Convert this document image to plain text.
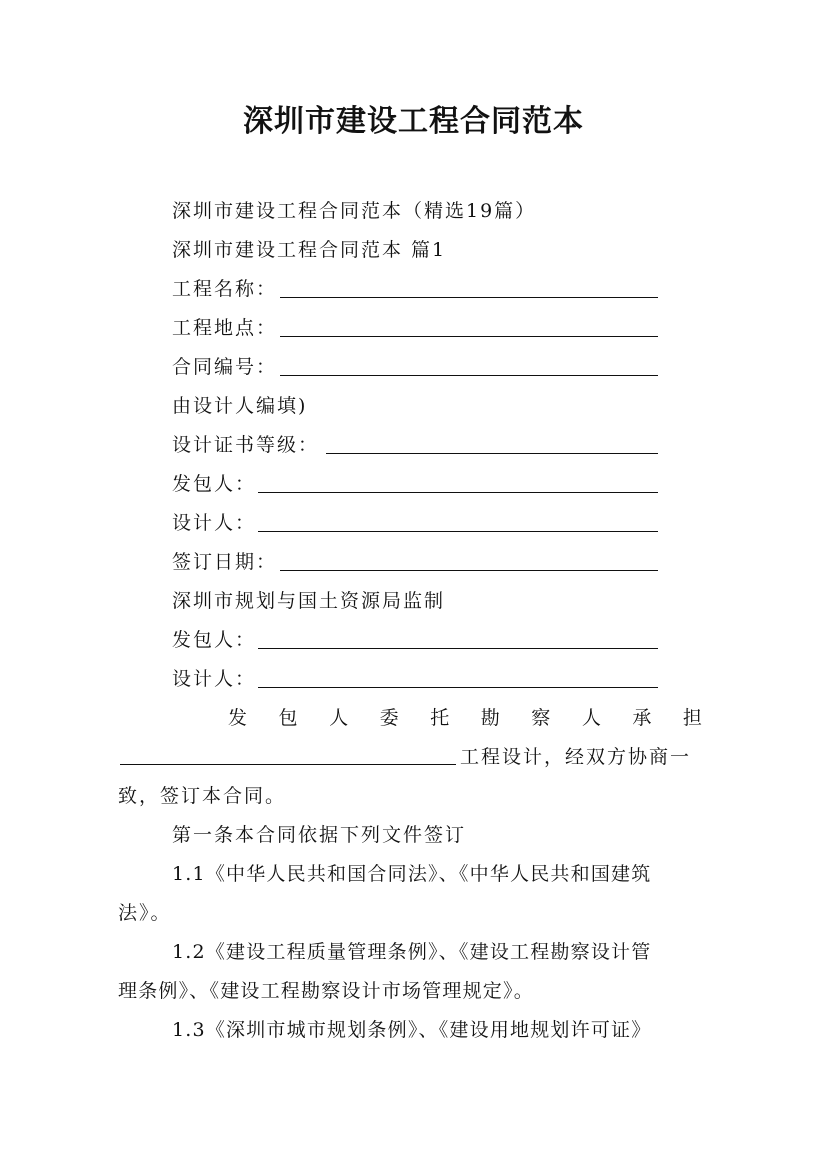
深圳市建设工程合同范本
深圳市建设工程合同范本（精选19篇）
深圳市建设工程合同范本 篇1
工程名称：
工程地点：
合同编号：
由设计人编填)
设计证书等级：
发包人：
设计人：
签订日期：
深圳市规划与国土资源局监制
发包人：
设计人：
发 包 人 委 托 勘 察 人 承 担
工程设计，经双方协商一
致，签订本合同。
第一条本合同依据下列文件签订
1.1《中华人民共和国合同法》、《中华人民共和国建筑
法》。
1.2《建设工程质量管理条例》、《建设工程勘察设计管
理条例》、《建设工程勘察设计市场管理规定》。
1.3《深圳市城市规划条例》、《建设用地规划许可证》
